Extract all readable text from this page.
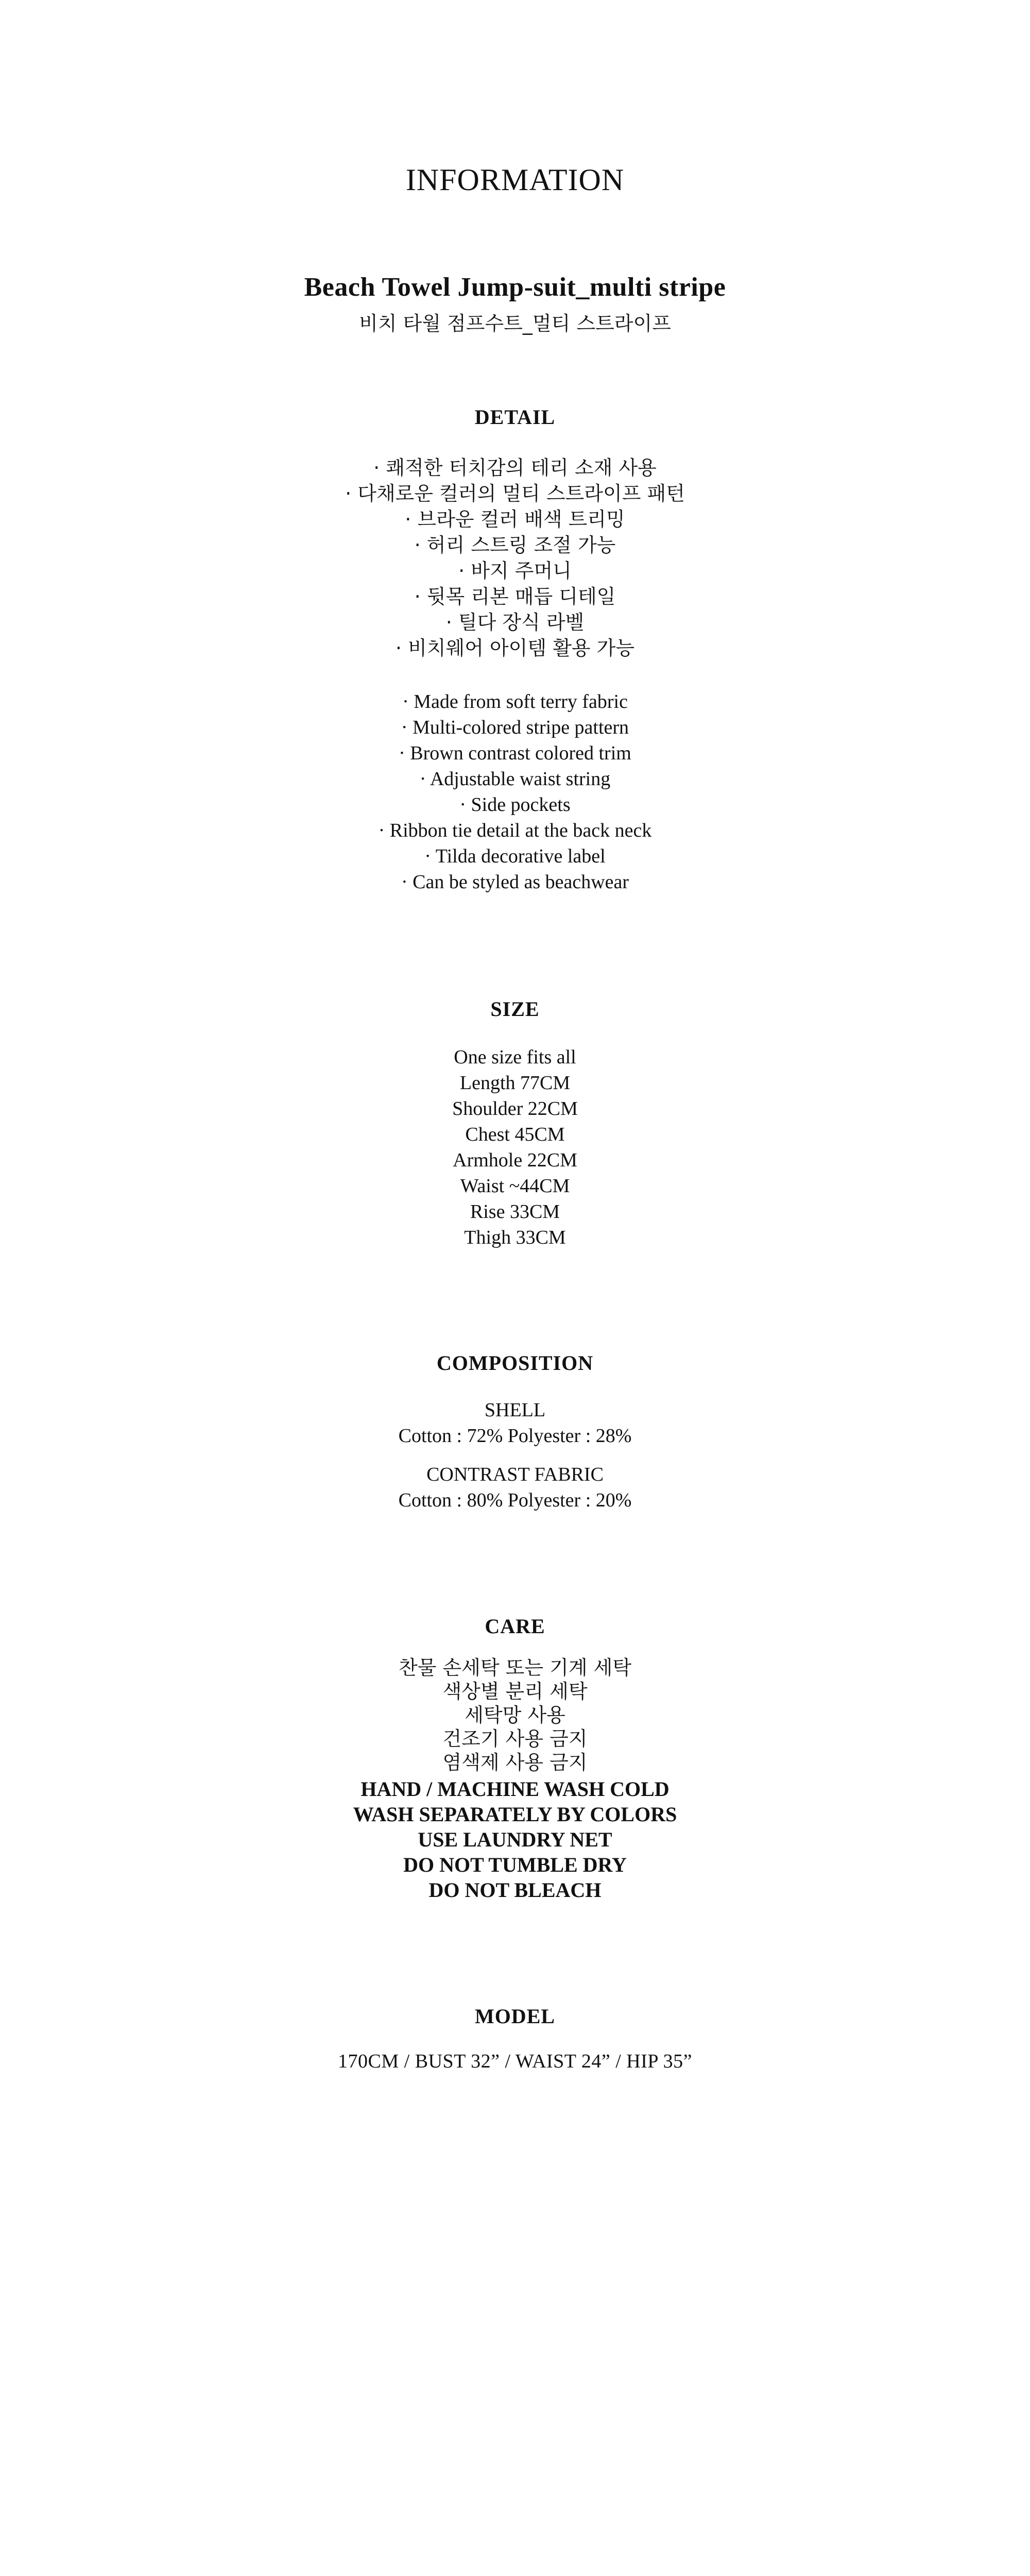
INFORMATION
Beach Towel Jump-suit_multi stripe
비치 타월 점프수트_멀티 스트라이프
DETAIL
· 쾌적한 터치감의 테리 소재 사용
· 다채로운 컬러의 멀티 스트라이프 패턴
· 브라운 컬러 배색 트리밍
· 허리 스트링 조절 가능
· 바지 주머니
· 뒷목 리본 매듭 디테일
· 틸다 장식 라벨
· 비치웨어 아이템 활용 가능
· Made from soft terry fabric
· Multi-colored stripe pattern
· Brown contrast colored trim
· Adjustable waist string
· Side pockets
· Ribbon tie detail at the back neck
· Tilda decorative label
· Can be styled as beachwear
SIZE
One size fits all
Length 77CM
Shoulder 22CM
Chest 45CM
Armhole 22CM
Waist ~44CM
Rise 33CM
Thigh 33CM
COMPOSITION
SHELL
Cotton : 72% Polyester : 28%
CONTRAST FABRIC
Cotton : 80% Polyester : 20%
CARE
찬물 손세탁 또는 기계 세탁
색상별 분리 세탁
세탁망 사용
건조기 사용 금지
염색제 사용 금지
HAND / MACHINE WASH COLD
WASH SEPARATELY BY COLORS
USE LAUNDRY NET
DO NOT TUMBLE DRY
DO NOT BLEACH
MODEL
170CM / BUST 32” / WAIST 24” / HIP 35”
